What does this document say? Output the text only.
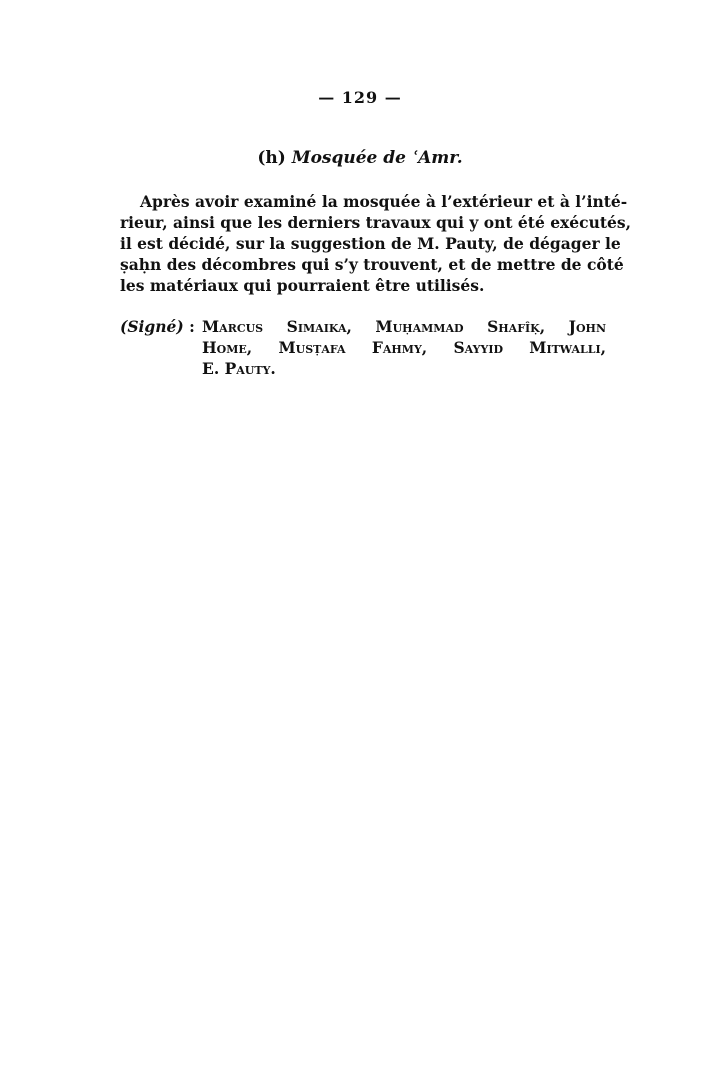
— 129 —
(h) Mosquée de ʿAmr.
Après avoir examiné la mosquée à l’extérieur et à l’inté-
rieur, ainsi que les derniers travaux qui y ont été exécutés,
il est décidé, sur la suggestion de M. Pauty, de dégager le
ṣaḥn des décombres qui s’y trouvent, et de mettre de côté
les matériaux qui pourraient être utilisés.
(Signé) : Marcus Simaika, Muḥammad Shafîḳ, John
Home, Musṭafa Fahmy, Sayyid Mitwalli,
E. Pauty.
